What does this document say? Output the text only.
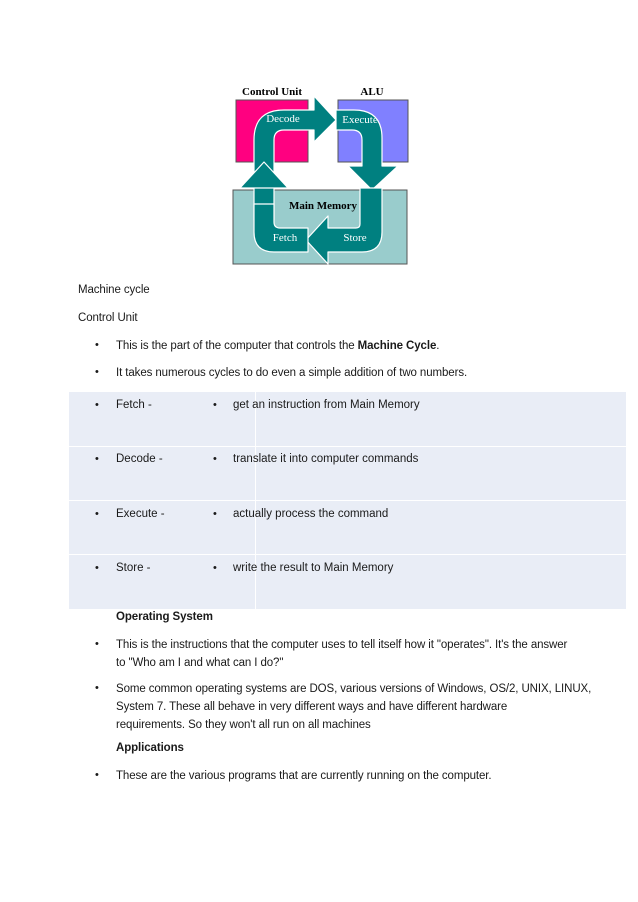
Control Unit	ALU
Decode	Execute
Main Memory
Fetch	Store
Machine cycle
Control Unit
• This is the part of the computer that controls the Machine Cycle.
• It takes numerous cycles to do even a simple addition of two numbers.
• Fetch -	• get an instruction from Main Memory
• Decode -	• translate it into computer commands
• Execute -	• actually process the command
• Store -	• write the result to Main Memory
Operating System
• This is the instructions that the computer uses to tell itself how it "operates". It's the answer
to "Who am I and what can I do?"
• Some common operating systems are DOS, various versions of Windows, OS/2, UNIX, LINUX,
System 7. These all behave in very different ways and have different hardware
requirements. So they won't all run on all machines
Applications
• These are the various programs that are currently running on the computer.
